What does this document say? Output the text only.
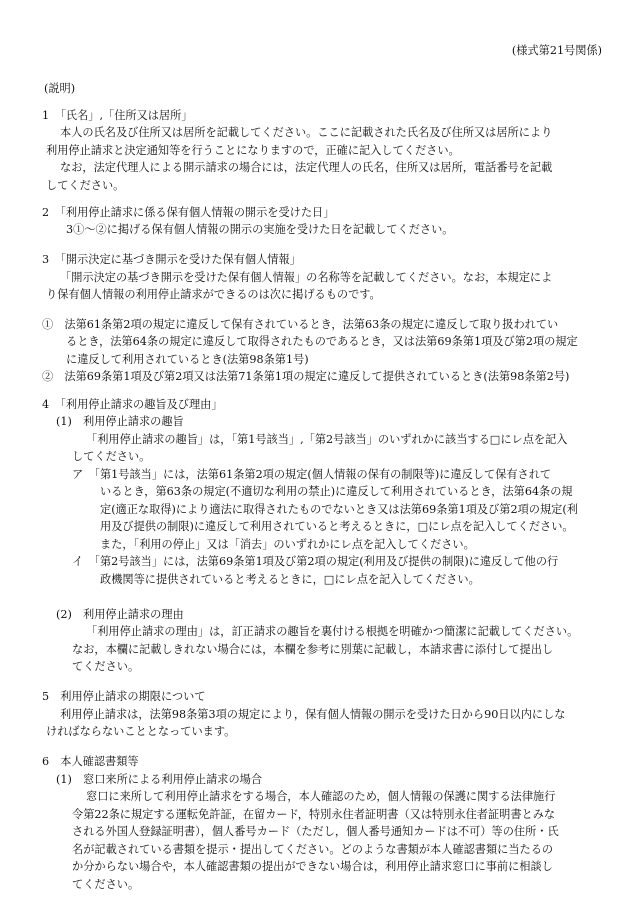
(様式第21号関係)
(説明)
1　「氏名」,「住所又は居所」
本人の氏名及び住所又は居所を記載してください。ここに記載された氏名及び住所又は居所により
利用停止請求と決定通知等を行うことになりますので，正確に記入してください。
なお，法定代理人による開示請求の場合には，法定代理人の氏名，住所又は居所，電話番号を記載
してください。
2　「利用停止請求に係る保有個人情報の開示を受けた日」
3①～②に掲げる保有個人情報の開示の実施を受けた日を記載してください。
3　「開示決定に基づき開示を受けた保有個人情報」
「開示決定の基づき開示を受けた保有個人情報」の名称等を記載してください。なお，本規定によ
り保有個人情報の利用停止請求ができるのは次に掲げるものです。
①　法第61条第2項の規定に違反して保有されているとき，法第63条の規定に違反して取り扱われてい
るとき，法第64条の規定に違反して取得されたものであるとき，又は法第69条第1項及び第2項の規定
に違反して利用されているとき(法第98条第1号)
②　法第69条第1項及び第2項又は法第71条第1項の規定に違反して提供されているとき(法第98条第2号)
4　「利用停止請求の趣旨及び理由」
(1)　利用停止請求の趣旨
「利用停止請求の趣旨」は，「第1号該当」,「第2号該当」のいずれかに該当する□にレ点を記入
してください。
ア　「第1号該当」には，法第61条第2項の規定(個人情報の保有の制限等)に違反して保有されて
いるとき，第63条の規定(不適切な利用の禁止)に違反して利用されているとき，法第64条の規
定(適正な取得)により適法に取得されたものでないとき又は法第69条第1項及び第2項の規定(利
用及び提供の制限)に違反して利用されていると考えるときに，□にレ点を記入してください。
また，「利用の停止」又は「消去」のいずれかにレ点を記入してください。
イ　「第2号該当」には，法第69条第1項及び第2項の規定(利用及び提供の制限)に違反して他の行
政機関等に提供されていると考えるときに，□にレ点を記入してください。
(2)　利用停止請求の理由
「利用停止請求の理由」は，訂正請求の趣旨を裏付ける根拠を明確かつ簡潔に記載してください。
なお，本欄に記載しきれない場合には，本欄を参考に別葉に記載し，本請求書に添付して提出し
てください。
5　利用停止請求の期限について
利用停止請求は，法第98条第3項の規定により，保有個人情報の開示を受けた日から90日以内にしな
ければならないこととなっています。
6　本人確認書類等
(1)　窓口来所による利用停止請求の場合
窓口に来所して利用停止請求をする場合，本人確認のため，個人情報の保護に関する法律施行
令第22条に規定する運転免許証，在留カード，特別永住者証明書（又は特別永住者証明書とみな
される外国人登録証明書），個人番号カード（ただし，個人番号通知カードは不可）等の住所・氏
名が記載されている書類を提示・提出してください。どのような書類が本人確認書類に当たるの
か分からない場合や，本人確認書類の提出ができない場合は，利用停止請求窓口に事前に相談し
てください。
